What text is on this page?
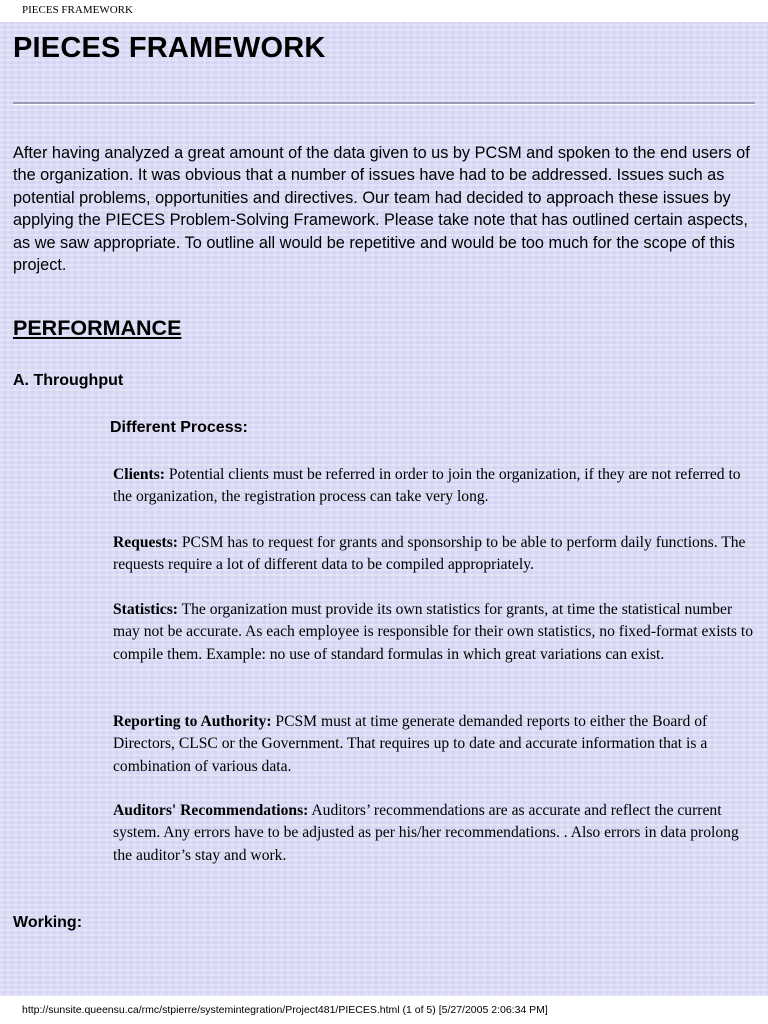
PIECES FRAMEWORK
PIECES FRAMEWORK

After having analyzed a great amount of the data given to us by PCSM and spoken to the end users of the organization. It was obvious that a number of issues have had to be addressed. Issues such as potential problems, opportunities and directives. Our team had decided to approach these issues by applying the PIECES Problem-Solving Framework. Please take note that has outlined certain aspects, as we saw appropriate. To outline all would be repetitive and would be too much for the scope of this project.

PERFORMANCE
A. Throughput
Different Process:

Clients: Potential clients must be referred in order to join the organization, if they are not referred to the organization, the registration process can take very long.

Requests: PCSM has to request for grants and sponsorship to be able to perform daily functions. The requests require a lot of different data to be compiled appropriately.

Statistics: The organization must provide its own statistics for grants, at time the statistical number may not be accurate. As each employee is responsible for their own statistics, no fixed-format exists to compile them. Example: no use of standard formulas in which great variations can exist.

Reporting to Authority: PCSM must at time generate demanded reports to either the Board of Directors, CLSC or the Government. That requires up to date and accurate information that is a combination of various data.

Auditors' Recommendations: Auditors’ recommendations are as accurate and reflect the current system. Any errors have to be adjusted as per his/her recommendations. . Also errors in data prolong the auditor’s stay and work.

Working:
http://sunsite.queensu.ca/rmc/stpierre/systemintegration/Project481/PIECES.html (1 of 5) [5/27/2005 2:06:34 PM]
